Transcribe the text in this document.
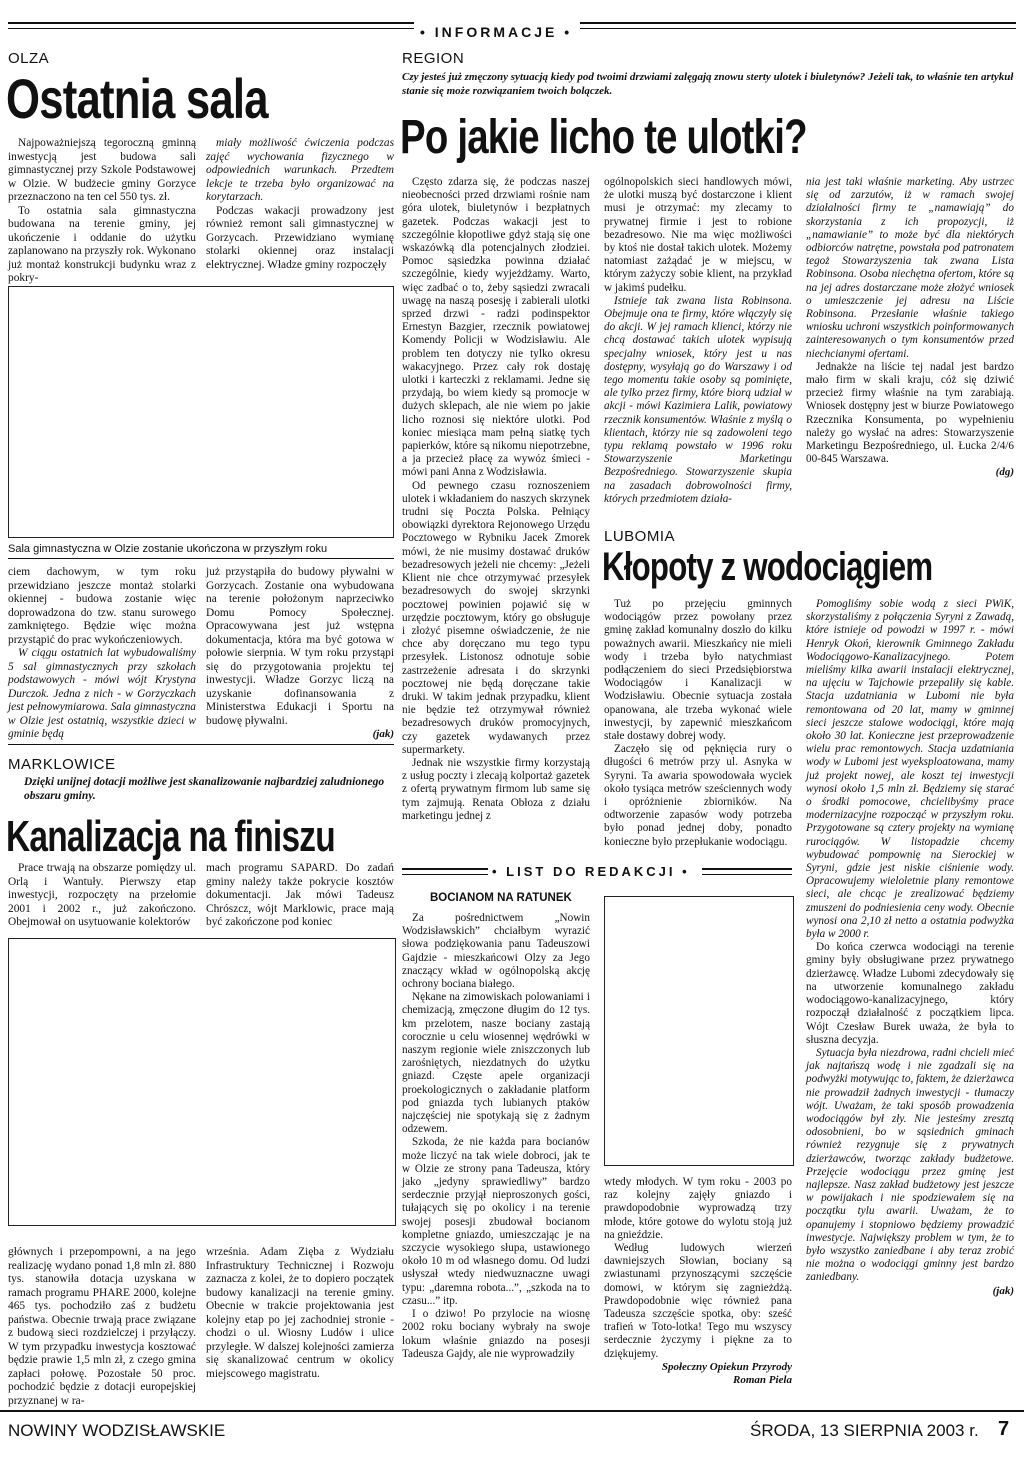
• INFORMACJE •
OLZA
Ostatnia sala

Najpoważniejszą tegoroczną gminną inwestycją jest budowa sali gimnastycznej przy Szkole Podstawowej w Olzie. W budżecie gminy Gorzyce przeznaczono na ten cel 550 tys. zł.

To ostatnia sala gimnastyczna budowana na terenie gminy, jej ukończenie i oddanie do użytku zaplanowano na przyszły rok. Wykonano już montaż konstrukcji budynku wraz z pokry-

miały możliwość ćwiczenia podczas zajęć wychowania fizycznego w odpowiednich warunkach. Przedtem lekcje te trzeba było organizować na korytarzach.

Podczas wakacji prowadzony jest również remont sali gimnastycznej w Gorzycach. Przewidziano wymianę stolarki okiennej oraz instalacji elektrycznej. Władze gminy rozpoczęły

Sala gimnastyczna w Olzie zostanie ukończona w przyszłym roku

ciem dachowym, w tym roku przewidziano jeszcze montaż stolarki okiennej - budowa zostanie więc doprowadzona do tzw. stanu surowego zamkniętego. Będzie więc można przystąpić do prac wykończeniowych.

W ciągu ostatnich lat wybudowaliśmy 5 sal gimnastycznych przy szkołach podstawowych - mówi wójt Krystyna Durczok. Jedna z nich - w Gorzyczkach jest pełnowymiarowa. Sala gimnastyczna w Olzie jest ostatnią, wszystkie dzieci w gminie będą

już przystąpiła do budowy pływalni w Gorzycach. Zostanie ona wybudowana na terenie położonym naprzeciwko Domu Pomocy Społecznej. Opracowywana jest już wstępna dokumentacja, która ma być gotowa w połowie sierpnia. W tym roku przystąpi się do przygotowania projektu tej inwestycji. Władze Gorzyc liczą na uzyskanie dofinansowania z Ministerstwa Edukacji i Sportu na budowę pływalni.

(jak)
MARKLOWICE
Dzięki unijnej dotacji możliwe jest skanalizowanie najbardziej zaludnionego obszaru gminy.
Kanalizacja na finiszu

Prace trwają na obszarze pomiędzy ul. Orlą i Wantuły. Pierwszy etap inwestycji, rozpoczęty na przełomie 2001 i 2002 r., już zakończono. Obejmował on usytuowanie kolektorów

mach programu SAPARD. Do zadań gminy należy także pokrycie kosztów dokumentacji. Jak mówi Tadeusz Chrószcz, wójt Marklowic, prace mają być zakończone pod koniec

głównych i przepompowni, a na jego realizację wydano ponad 1,8 mln zł. 880 tys. stanowiła dotacja uzyskana w ramach programu PHARE 2000, kolejne 465 tys. pochodziło zaś z budżetu państwa. Obecnie trwają prace związane z budową sieci rozdzielczej i przyłączy. W tym przypadku inwestycja kosztować będzie prawie 1,5 mln zł, z czego gmina zapłaci połowę. Pozostałe 50 proc. pochodzić będzie z dotacji europejskiej przyznanej w ra-

września. Adam Zięba z Wydziału Infrastruktury Technicznej i Rozwoju zaznacza z kolei, że to dopiero początek budowy kanalizacji na terenie gminy. Obecnie w trakcie projektowania jest kolejny etap po jej zachodniej stronie - chodzi o ul. Wiosny Ludów i ulice przyległe. W dalszej kolejności zamierza się skanalizować centrum w okolicy miejscowego magistratu.

REGION
Czy jesteś już zmęczony sytuacją kiedy pod twoimi drzwiami zalęgają znowu sterty ulotek i biuletynów? Jeżeli tak, to właśnie ten artykuł stanie się może rozwiązaniem twoich bolączek.
Po jakie licho te ulotki?

Często zdarza się, że podczas naszej nieobecności przed drzwiami rośnie nam góra ulotek, biuletynów i bezpłatnych gazetek. Podczas wakacji jest to szczególnie kłopotliwe gdyż stają się one wskazówką dla potencjalnych złodziei. Pomoc sąsiedzka powinna działać szczególnie, kiedy wyjeżdżamy. Warto, więc zadbać o to, żeby sąsiedzi zwracali uwagę na naszą posesję i zabierali ulotki sprzed drzwi - radzi podinspektor Ernestyn Bazgier, rzecznik powiatowej Komendy Policji w Wodzisławiu. Ale problem ten dotyczy nie tylko okresu wakacyjnego. Przez cały rok dostaję ulotki i karteczki z reklamami. Jedne się przydają, bo wiem kiedy są promocje w dużych sklepach, ale nie wiem po jakie licho roznosi się niektóre ulotki. Pod koniec miesiąca mam pełną siatkę tych papierków, które są nikomu niepotrzebne, a ja przecież płacę za wywóz śmieci - mówi pani Anna z Wodzisławia.

Od pewnego czasu roznoszeniem ulotek i wkładaniem do naszych skrzynek trudni się Poczta Polska. Pełniący obowiązki dyrektora Rejonowego Urzędu Pocztowego w Rybniku Jacek Zmorek mówi, że nie musimy dostawać druków bezadresowych jeżeli nie chcemy: „Jeżeli Klient nie chce otrzymywać przesyłek bezadresowych do swojej skrzynki pocztowej powinien pojawić się w urzędzie pocztowym, który go obsługuje i złożyć pisemne oświadczenie, że nie chce aby doręczano mu tego typu przesyłek. Listonosz odnotuje sobie zastrzeżenie adresata i do skrzynki pocztowej nie będą doręczane takie druki. W takim jednak przypadku, klient nie będzie też otrzymywał również bezadresowych druków promocyjnych, czy gazetek wydawanych przez supermarkety.

Jednak nie wszystkie firmy korzystają z usług poczty i zlecają kolportaż gazetek z ofertą prywatnym firmom lub same się tym zajmują. Renata Obłoza z działu marketingu jednej z

ogólnopolskich sieci handlowych mówi, że ulotki muszą być dostarczone i klient musi je otrzymać: my zlecamy to prywatnej firmie i jest to robione bezadresowo. Nie ma więc możliwości by ktoś nie dostał takich ulotek. Możemy natomiast zażądać je w miejscu, w którym zażyczy sobie klient, na przykład w jakimś pudełku.

Istnieje tak zwana lista Robinsona. Obejmuje ona te firmy, które włączyły się do akcji. W jej ramach klienci, którzy nie chcą dostawać takich ulotek wypisują specjalny wniosek, który jest u nas dostępny, wysyłają go do Warszawy i od tego momentu takie osoby są pominięte, ale tylko przez firmy, które biorą udział w akcji - mówi Kazimiera Lalik, powiatowy rzecznik konsumentów. Właśnie z myślą o klientach, którzy nie są zadowoleni tego typu reklamą powstało w 1996 roku Stowarzyszenie Marketingu Bezpośredniego. Stowarzyszenie skupia na zasadach dobrowolności firmy, których przedmiotem działa-

nia jest taki właśnie marketing. Aby ustrzec się od zarzutów, iż w ramach swojej działalności firmy te „namawiają” do skorzystania z ich propozycji, iż „namawianie” to może być dla niektórych odbiorców natrętne, powstała pod patronatem tegoż Stowarzyszenia tak zwana Lista Robinsona. Osoba niechętna ofertom, które są na jej adres dostarczane może złożyć wniosek o umieszczenie jej adresu na Liście Robinsona. Przesłanie właśnie takiego wniosku uchroni wszystkich poinformowanych zainteresowanych o tym konsumentów przed niechcianymi ofertami.

Jednakże na liście tej nadal jest bardzo mało firm w skali kraju, cóż się dziwić przecież firmy właśnie na tym zarabiają. Wniosek dostępny jest w biurze Powiatowego Rzecznika Konsumenta, po wypełnieniu należy go wysłać na adres: Stowarzyszenie Marketingu Bezpośredniego, ul. Łucka 2/4/6 00-845 Warszawa.

(dg)
LUBOMIA
Kłopoty z wodociągiem

Tuż po przejęciu gminnych wodociągów przez powołany przez gminę zakład komunalny doszło do kilku poważnych awarii. Mieszkańcy nie mieli wody i trzeba było natychmiast podłączeniem do sieci Przedsiębiorstwa Wodociągów i Kanalizacji w Wodzisławiu. Obecnie sytuacja została opanowana, ale trzeba wykonać wiele inwestycji, by zapewnić mieszkańcom stałe dostawy dobrej wody.

Zaczęło się od pęknięcia rury o długości 6 metrów przy ul. Asnyka w Syryni. Ta awaria spowodowała wyciek około tysiąca metrów sześciennych wody i opróżnienie zbiorników. Na odtworzenie zapasów wody potrzeba było ponad jednej doby, ponadto konieczne było przepłukanie wodociągu.

Pomogliśmy sobie wodą z sieci PWiK, skorzystaliśmy z połączenia Syryni z Zawadą, które istnieje od powodzi w 1997 r. - mówi Henryk Okoń, kierownik Gminnego Zakładu Wodociągowo-Kanalizacyjnego. Potem mieliśmy kilka awarii instalacji elektrycznej, na ujęciu w Tajchowie przepaliły się kable. Stacja uzdatniania w Lubomi nie była remontowana od 20 lat, mamy w gminnej sieci jeszcze stalowe wodociągi, które mają około 30 lat. Konieczne jest przeprowadzenie wielu prac remontowych. Stacja uzdatniania wody w Lubomi jest wyeksploatowana, mamy już projekt nowej, ale koszt tej inwestycji wynosi około 1,5 mln zł. Będziemy się starać o środki pomocowe, chcielibyśmy prace modernizacyjne rozpocząć w przyszłym roku. Przygotowane są cztery projekty na wymianę rurociągów. W listopadzie chcemy wybudować pompownię na Sierockiej w Syryni, gdzie jest niskie ciśnienie wody. Opracowujemy wieloletnie plany remontowe sieci, ale chcąc je zrealizować będziemy zmuszeni do podniesienia ceny wody. Obecnie wynosi ona 2,10 zł netto a ostatnia podwyżka była w 2000 r.

Do końca czerwca wodociągi na terenie gminy były obsługiwane przez prywatnego dzierżawcę. Władze Lubomi zdecydowały się na utworzenie komunalnego zakładu wodociągowo-kanalizacyjnego, który rozpoczął działalność z początkiem lipca. Wójt Czesław Burek uważa, że była to słuszna decyzja.

Sytuacja była niezdrowa, radni chcieli mieć jak najtańszą wodę i nie zgadzali się na podwyżki motywując to, faktem, że dzierżawca nie prowadził żadnych inwestycji - tłumaczy wójt. Uważam, że taki sposób prowadzenia wodociągów był zły. Nie jesteśmy zresztą odosobnieni, bo w sąsiednich gminach również rezygnuje się z prywatnych dzierżawców, tworząc zakłady budżetowe. Przejęcie wodociągu przez gminę jest najlepsze. Nasz zakład budżetowy jest jeszcze w powijakach i nie spodziewałem się na początku tylu awarii. Uważam, że to opanujemy i stopniowo będziemy prowadzić inwestycje. Największy problem w tym, że to było wszystko zaniedbane i aby teraz zrobić nie można o wodociągi gminny jest bardzo zaniedbany.

(jak)
• LIST DO REDAKCJI •
BOCIANOM NA RATUNEK

Za pośrednictwem „Nowin Wodzisławskich” chciałbym wyrazić słowa podziękowania panu Tadeuszowi Gajdzie - mieszkańcowi Olzy za Jego znaczący wkład w ogólnopolską akcję ochrony bociana białego.

Nękane na zimowiskach polowaniami i chemizacją, zmęczone długim do 12 tys. km przelotem, nasze bociany zastają corocznie u celu wiosennej wędrówki w naszym regionie wiele zniszczonych lub zarośniętych, niezdatnych do użytku gniazd. Częste apele organizacji proekologicznych o zakładanie platform pod gniazda tych lubianych ptaków najczęściej nie spotykają się z żadnym odzewem.

Szkoda, że nie każda para bocianów może liczyć na tak wiele dobroci, jak te w Olzie ze strony pana Tadeusza, który jako „jedyny sprawiedliwy” bardzo serdecznie przyjął nieproszonych gości, tułających się po okolicy i na terenie swojej posesji zbudował bocianom kompletne gniazdo, umieszczając je na szczycie wysokiego słupa, ustawionego około 10 m od własnego domu. Od ludzi usłyszał wtedy niedwuznaczne uwagi typu: „daremna robota...”, „szkoda na to czasu...” itp.

I o dziwo! Po przylocie na wiosnę 2002 roku bociany wybrały na swoje lokum właśnie gniazdo na posesji Tadeusza Gajdy, ale nie wyprowadziły

wtedy młodych. W tym roku - 2003 po raz kolejny zajęły gniazdo i prawdopodobnie wyprowadzą trzy młode, które gotowe do wylotu stoją już na gnieździe.

Według ludowych wierzeń dawniejszych Słowian, bociany są zwiastunami przynoszącymi szczęście domowi, w którym się zagnieżdżą. Prawdopodobnie więc również pana Tadeusza szczęście spotka, oby: sześć trafień w Toto-lotka! Tego mu wszyscy serdecznie życzymy i piękne za to dziękujemy.

Społeczny Opiekun Przyrody
Roman Piela
NOWINY WODZISŁAWSKIE	ŚRODA, 13 SIERPNIA 2003 r. 7
